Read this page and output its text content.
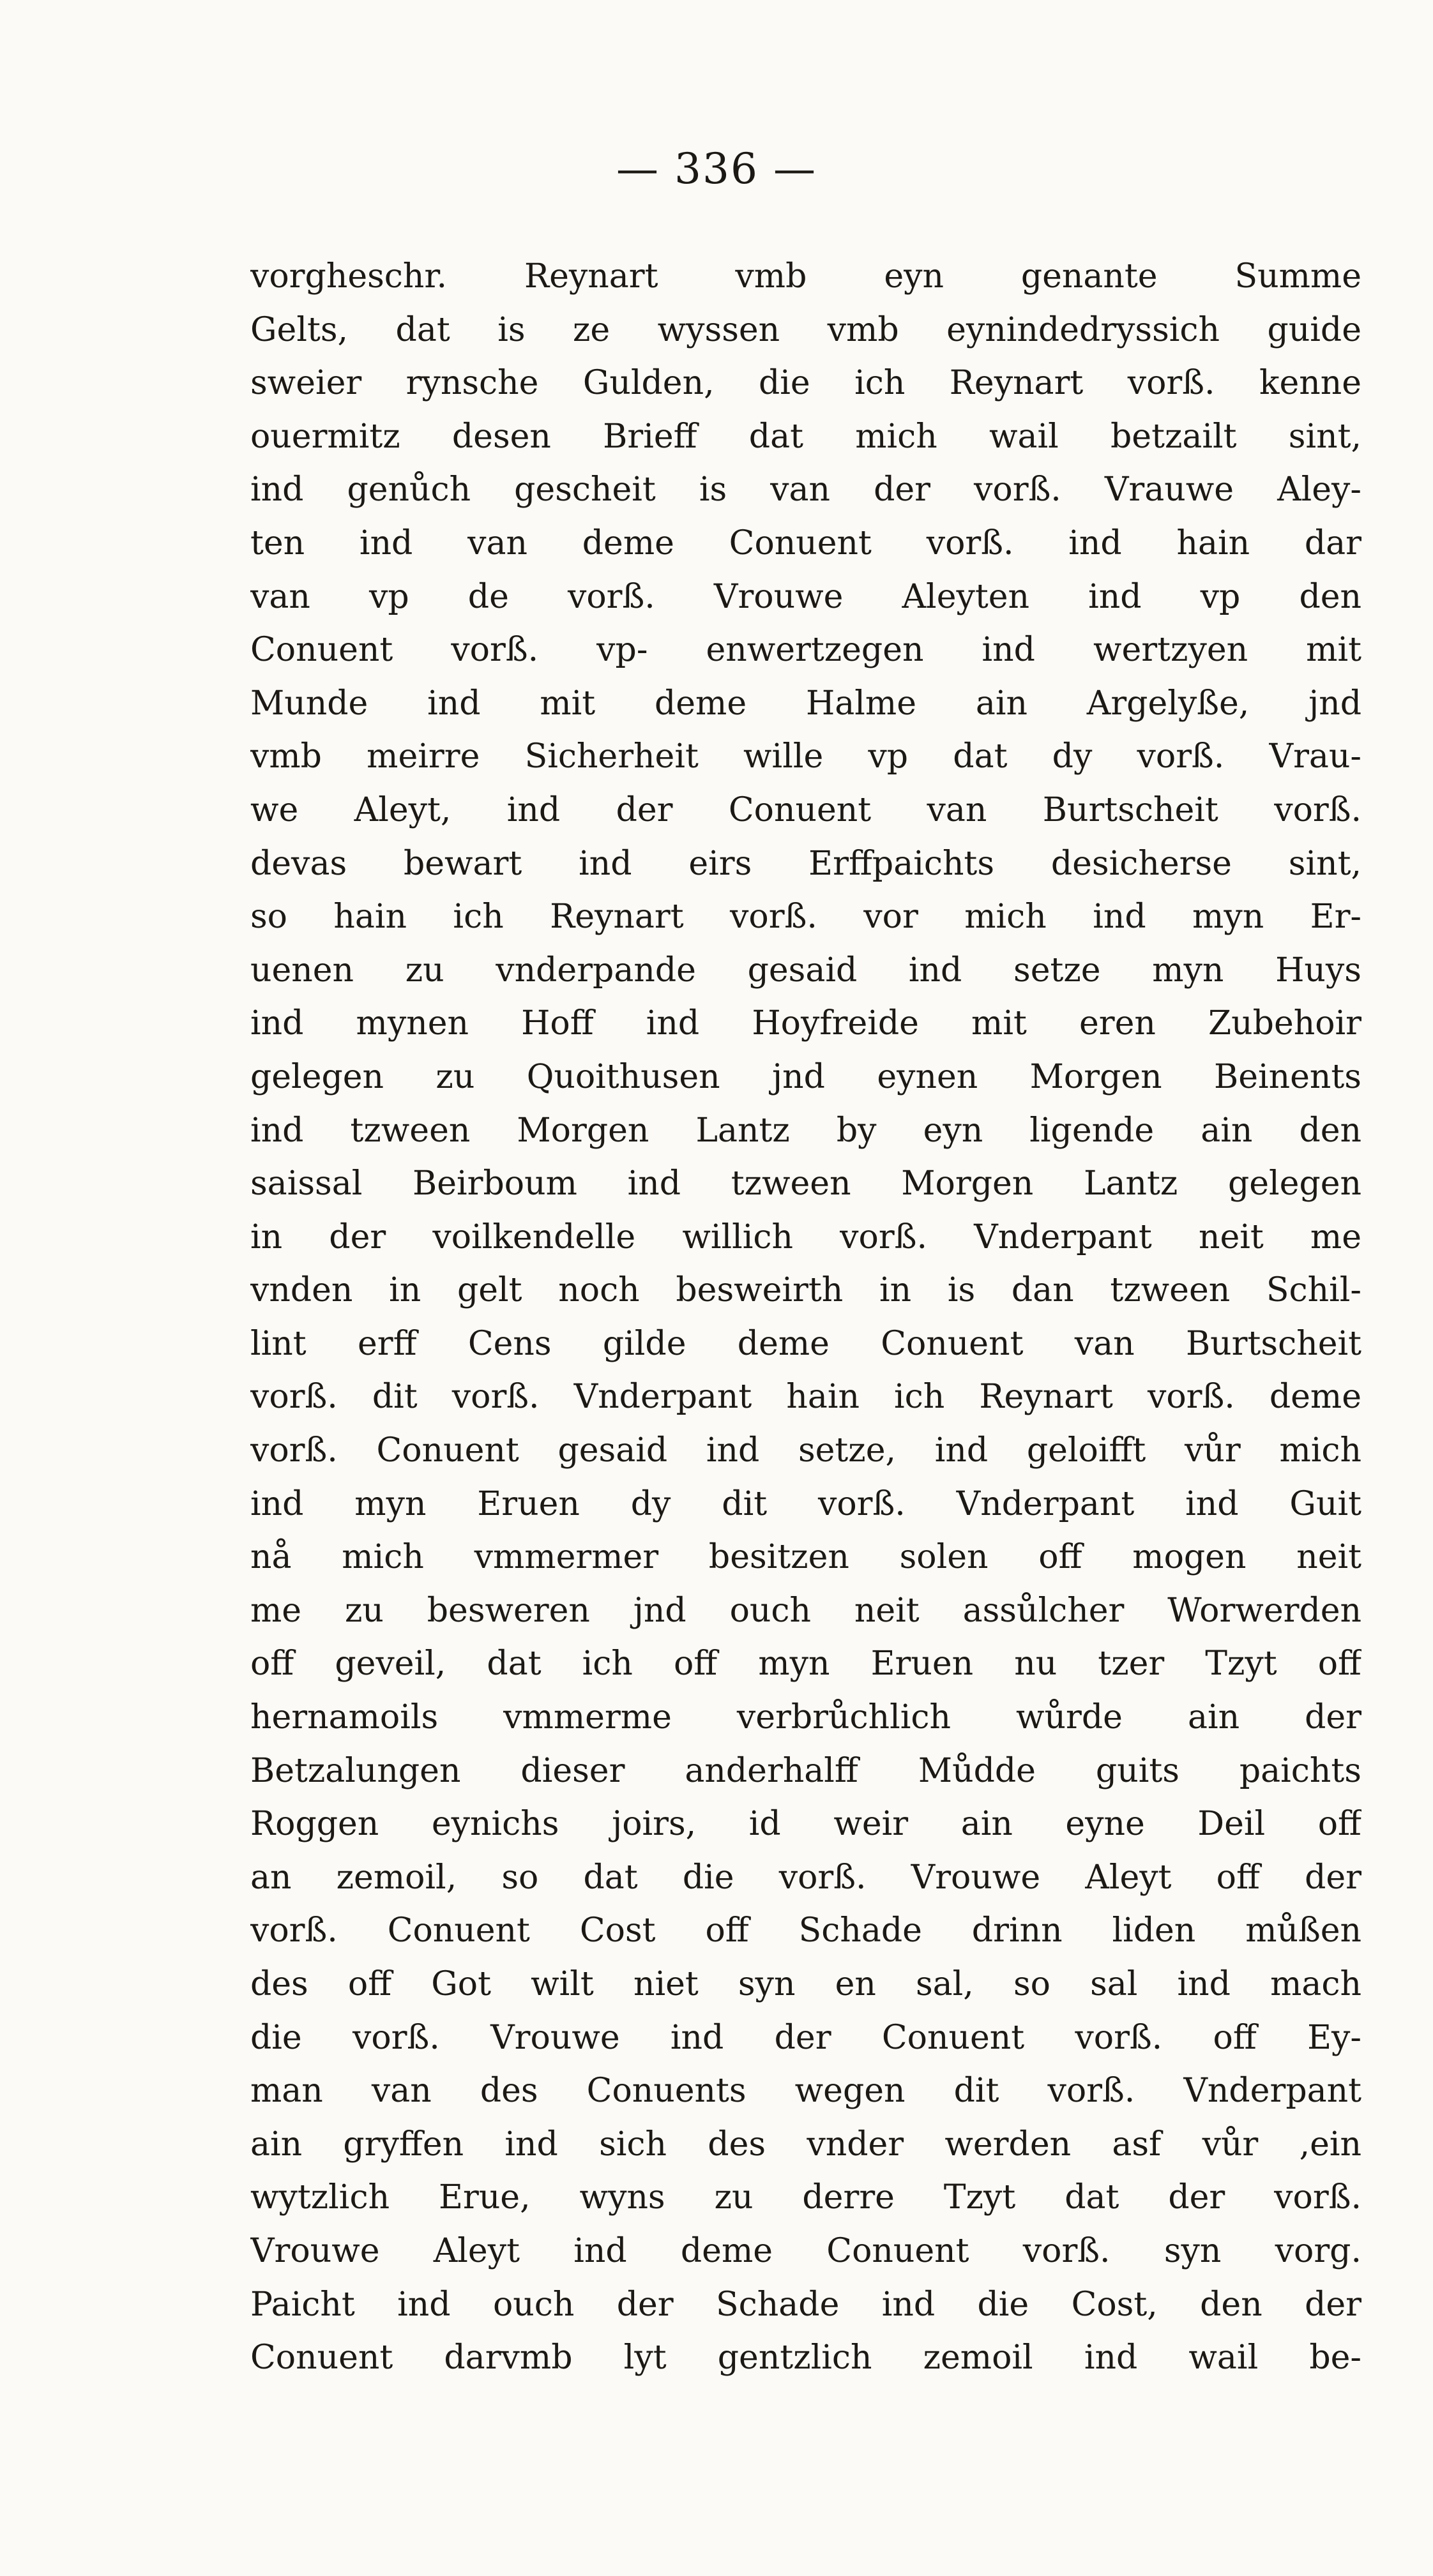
— 336 —
vorgheschr. Reynart vmb eyn genante Summe
Gelts, dat is ze wyssen vmb eynindedryssich guide
sweier rynsche Gulden, die ich Reynart vorß. kenne
ouermitz desen Brieff dat mich wail betzailt sint,
ind genůch gescheit is van der vorß. Vrauwe Aley-
ten ind van deme Conuent vorß. ind hain dar
van vp de vorß. Vrouwe Aleyten ind vp den
Conuent vorß. vp- enwertzegen ind wertzyen mit
Munde ind mit deme Halme ain Argelyße, jnd
vmb meirre Sicherheit wille vp dat dy vorß. Vrau-
we Aleyt, ind der Conuent van Burtscheit vorß.
devas bewart ind eirs Erffpaichts desicherse sint,
so hain ich Reynart vorß. vor mich ind myn Er-
uenen zu vnderpande gesaid ind setze myn Huys
ind mynen Hoff ind Hoyfreide mit eren Zubehoir
gelegen zu Quoithusen jnd eynen Morgen Beinents
ind tzween Morgen Lantz by eyn ligende ain den
saissal Beirboum ind tzween Morgen Lantz gelegen
in der voilkendelle willich vorß. Vnderpant neit me
vnden in gelt noch besweirth in is dan tzween Schil-
lint erff Cens gilde deme Conuent van Burtscheit
vorß. dit vorß. Vnderpant hain ich Reynart vorß. deme
vorß. Conuent gesaid ind setze, ind geloifft vůr mich
ind myn Eruen dy dit vorß. Vnderpant ind Guit
nå mich vmmermer besitzen solen off mogen neit
me zu besweren jnd ouch neit assůlcher Worwerden
off geveil, dat ich off myn Eruen nu tzer Tzyt off
hernamoils vmmerme verbrůchlich wůrde ain der
Betzalungen dieser anderhalff Můdde guits paichts
Roggen eynichs joirs, id weir ain eyne Deil off
an zemoil, so dat die vorß. Vrouwe Aleyt off der
vorß. Conuent Cost off Schade drinn liden můßen
des off Got wilt niet syn en sal, so sal ind mach
die vorß. Vrouwe ind der Conuent vorß. off Ey-
man van des Conuents wegen dit vorß. Vnderpant
ain gryffen ind sich des vnder werden asf vůr ,ein
wytzlich Erue, wyns zu derre Tzyt dat der vorß.
Vrouwe Aleyt ind deme Conuent vorß. syn vorg.
Paicht ind ouch der Schade ind die Cost, den der
Conuent darvmb lyt gentzlich zemoil ind wail be-
